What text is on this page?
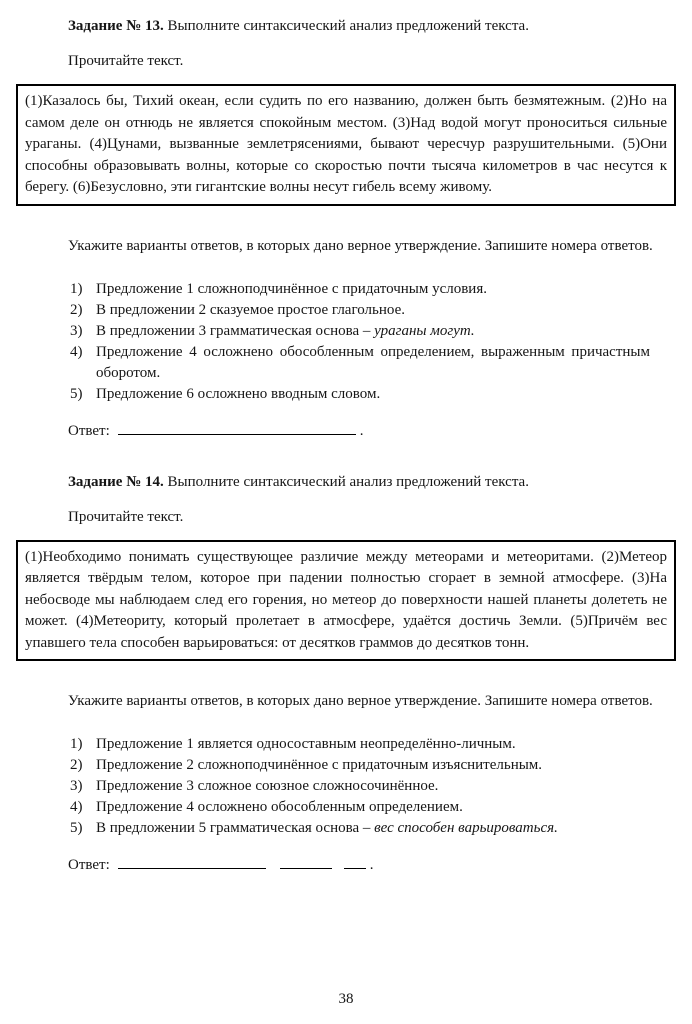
Задание № 13. Выполните синтаксический анализ предложений текста.

Прочитайте текст.

(1)Казалось бы, Тихий океан, если судить по его названию, должен быть безмятежным. (2)Но на самом деле он отнюдь не является спокойным местом. (3)Над водой могут проноситься сильные ураганы. (4)Цунами, вызванные землетрясениями, бывают чересчур разрушительными. (5)Они способны образовывать волны, которые со скоростью почти тысяча километров в час несутся к берегу. (6)Безусловно, эти гигантские волны несут гибель всему живому.

Укажите варианты ответов, в которых дано верное утверждение. Запишите номера ответов.

1) Предложение 1 сложноподчинённое с придаточным условия.
2) В предложении 2 сказуемое простое глагольное.
3) В предложении 3 грамматическая основа – ураганы могут.
4) Предложение 4 осложнено обособленным определением, выраженным причастным оборотом.
5) Предложение 6 осложнено вводным словом.
Ответ:	.

Задание № 14. Выполните синтаксический анализ предложений текста.

Прочитайте текст.

(1)Необходимо понимать существующее различие между метеорами и метеоритами. (2)Метеор является твёрдым телом, которое при падении полностью сгорает в земной атмосфере. (3)На небосводе мы наблюдаем след его горения, но метеор до поверхности нашей планеты долететь не может. (4)Метеориту, который пролетает в атмосфере, удаётся достичь Земли. (5)Причём вес упавшего тела способен варьироваться: от десятков граммов до десятков тонн.

Укажите варианты ответов, в которых дано верное утверждение. Запишите номера ответов.

1) Предложение 1 является односоставным неопределённо-личным.
2) Предложение 2 сложноподчинённое с придаточным изъяснительным.
3) Предложение 3 сложное союзное сложносочинённое.
4) Предложение 4 осложнено обособленным определением.
5) В предложении 5 грамматическая основа – вес способен варьироваться.
Ответ:	.
38
